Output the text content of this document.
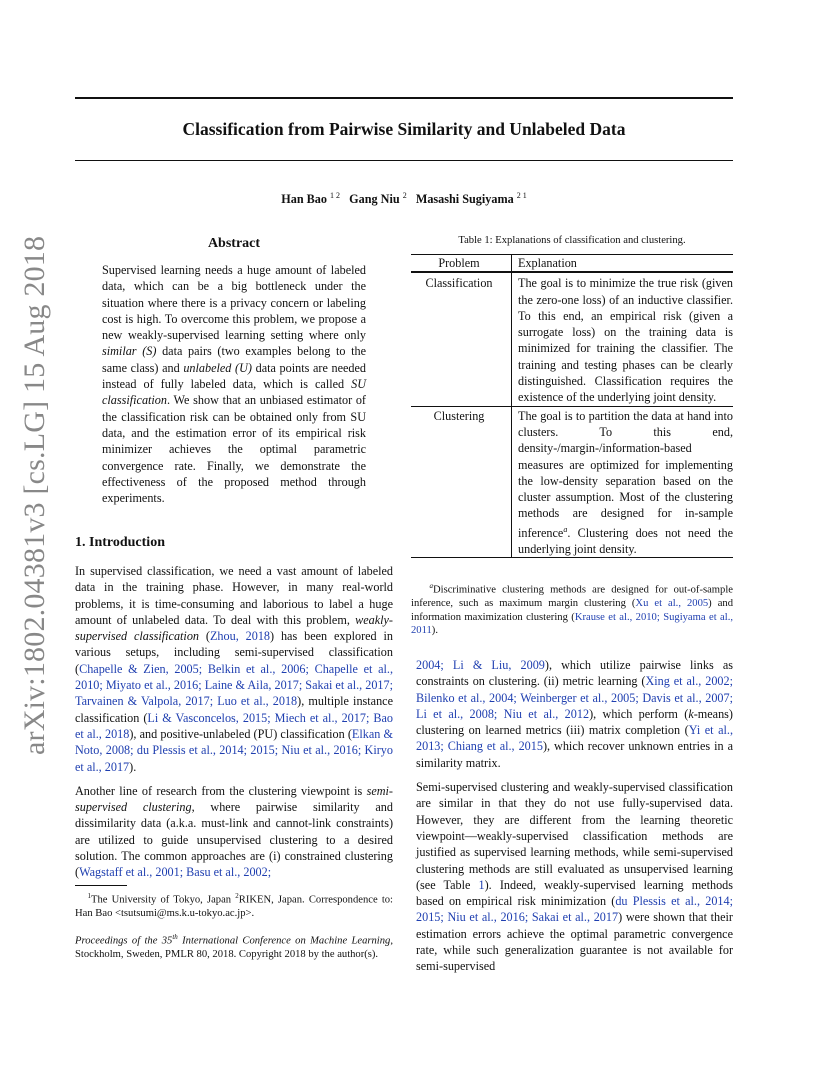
arXiv:1802.04381v3 [cs.LG] 15 Aug 2018
Classification from Pairwise Similarity and Unlabeled Data
Han Bao $^{1 2}$ Gang Niu $^2$ Masashi Sugiyama $^{2 1}$
Abstract

Supervised learning needs a huge amount of labeled data, which can be a big bottleneck under the situation where there is a privacy concern or labeling cost is high. To overcome this problem, we propose a new weakly-supervised learning setting where only similar (S) data pairs (two examples belong to the same class) and unlabeled (U) data points are needed instead of fully labeled data, which is called SU classification. We show that an unbiased estimator of the classification risk can be obtained only from SU data, and the estimation error of its empirical risk minimizer achieves the optimal parametric convergence rate. Finally, we demonstrate the effectiveness of the proposed method through experiments.

1. Introduction

In supervised classification, we need a vast amount of labeled data in the training phase. However, in many real-world problems, it is time-consuming and laborious to label a huge amount of unlabeled data. To deal with this problem, weakly-supervised classification (Zhou, 2018) has been explored in various setups, including semi-supervised classification (Chapelle & Zien, 2005; Belkin et al., 2006; Chapelle et al., 2010; Miyato et al., 2016; Laine & Aila, 2017; Sakai et al., 2017; Tarvainen & Valpola, 2017; Luo et al., 2018), multiple instance classification (Li & Vasconcelos, 2015; Miech et al., 2017; Bao et al., 2018), and positive-unlabeled (PU) classification (Elkan & Noto, 2008; du Plessis et al., 2014; 2015; Niu et al., 2016; Kiryo et al., 2017).

Another line of research from the clustering viewpoint is semi-supervised clustering, where pairwise similarity and dissimilarity data (a.k.a. must-link and cannot-link constraints) are utilized to guide unsupervised clustering to a desired solution. The common approaches are (i) constrained clustering (Wagstaff et al., 2001; Basu et al., 2002;

$^1$The University of Tokyo, Japan $^2$RIKEN, Japan. Correspondence to: Han Bao <tsutsumi@ms.k.u-tokyo.ac.jp>.
Proceedings of the 35th International Conference on Machine Learning, Stockholm, Sweden, PMLR 80, 2018. Copyright 2018 by the author(s).
Table 1: Explanations of classification and clustering.
Problem	Explanation
Classification	The goal is to minimize the true risk (given the zero-one loss) of an inductive classifier. To this end, an empirical risk (given a surrogate loss) on the training data is minimized for training the classifier. The training and testing phases can be clearly distinguished. Classification requires the existence of the underlying joint density.
Clustering	The goal is to partition the data at hand into clusters. To this end, density-/margin-/information-based measures are optimized for implementing the low-density separation based on the cluster assumption. Most of the clustering methods are designed for in-sample inference$^a$. Clustering does not need the underlying joint density.
$^a$Discriminative clustering methods are designed for out-of-sample inference, such as maximum margin clustering (Xu et al., 2005) and information maximization clustering (Krause et al., 2010; Sugiyama et al., 2011).

2004; Li & Liu, 2009), which utilize pairwise links as constraints on clustering. (ii) metric learning (Xing et al., 2002; Bilenko et al., 2004; Weinberger et al., 2005; Davis et al., 2007; Li et al., 2008; Niu et al., 2012), which perform (k-means) clustering on learned metrics (iii) matrix completion (Yi et al., 2013; Chiang et al., 2015), which recover unknown entries in a similarity matrix.

Semi-supervised clustering and weakly-supervised classification are similar in that they do not use fully-supervised data. However, they are different from the learning theoretic viewpoint—weakly-supervised classification methods are justified as supervised learning methods, while semi-supervised clustering methods are still evaluated as unsupervised learning (see Table 1). Indeed, weakly-supervised learning methods based on empirical risk minimization (du Plessis et al., 2014; 2015; Niu et al., 2016; Sakai et al., 2017) were shown that their estimation errors achieve the optimal parametric convergence rate, while such generalization guarantee is not available for semi-supervised
